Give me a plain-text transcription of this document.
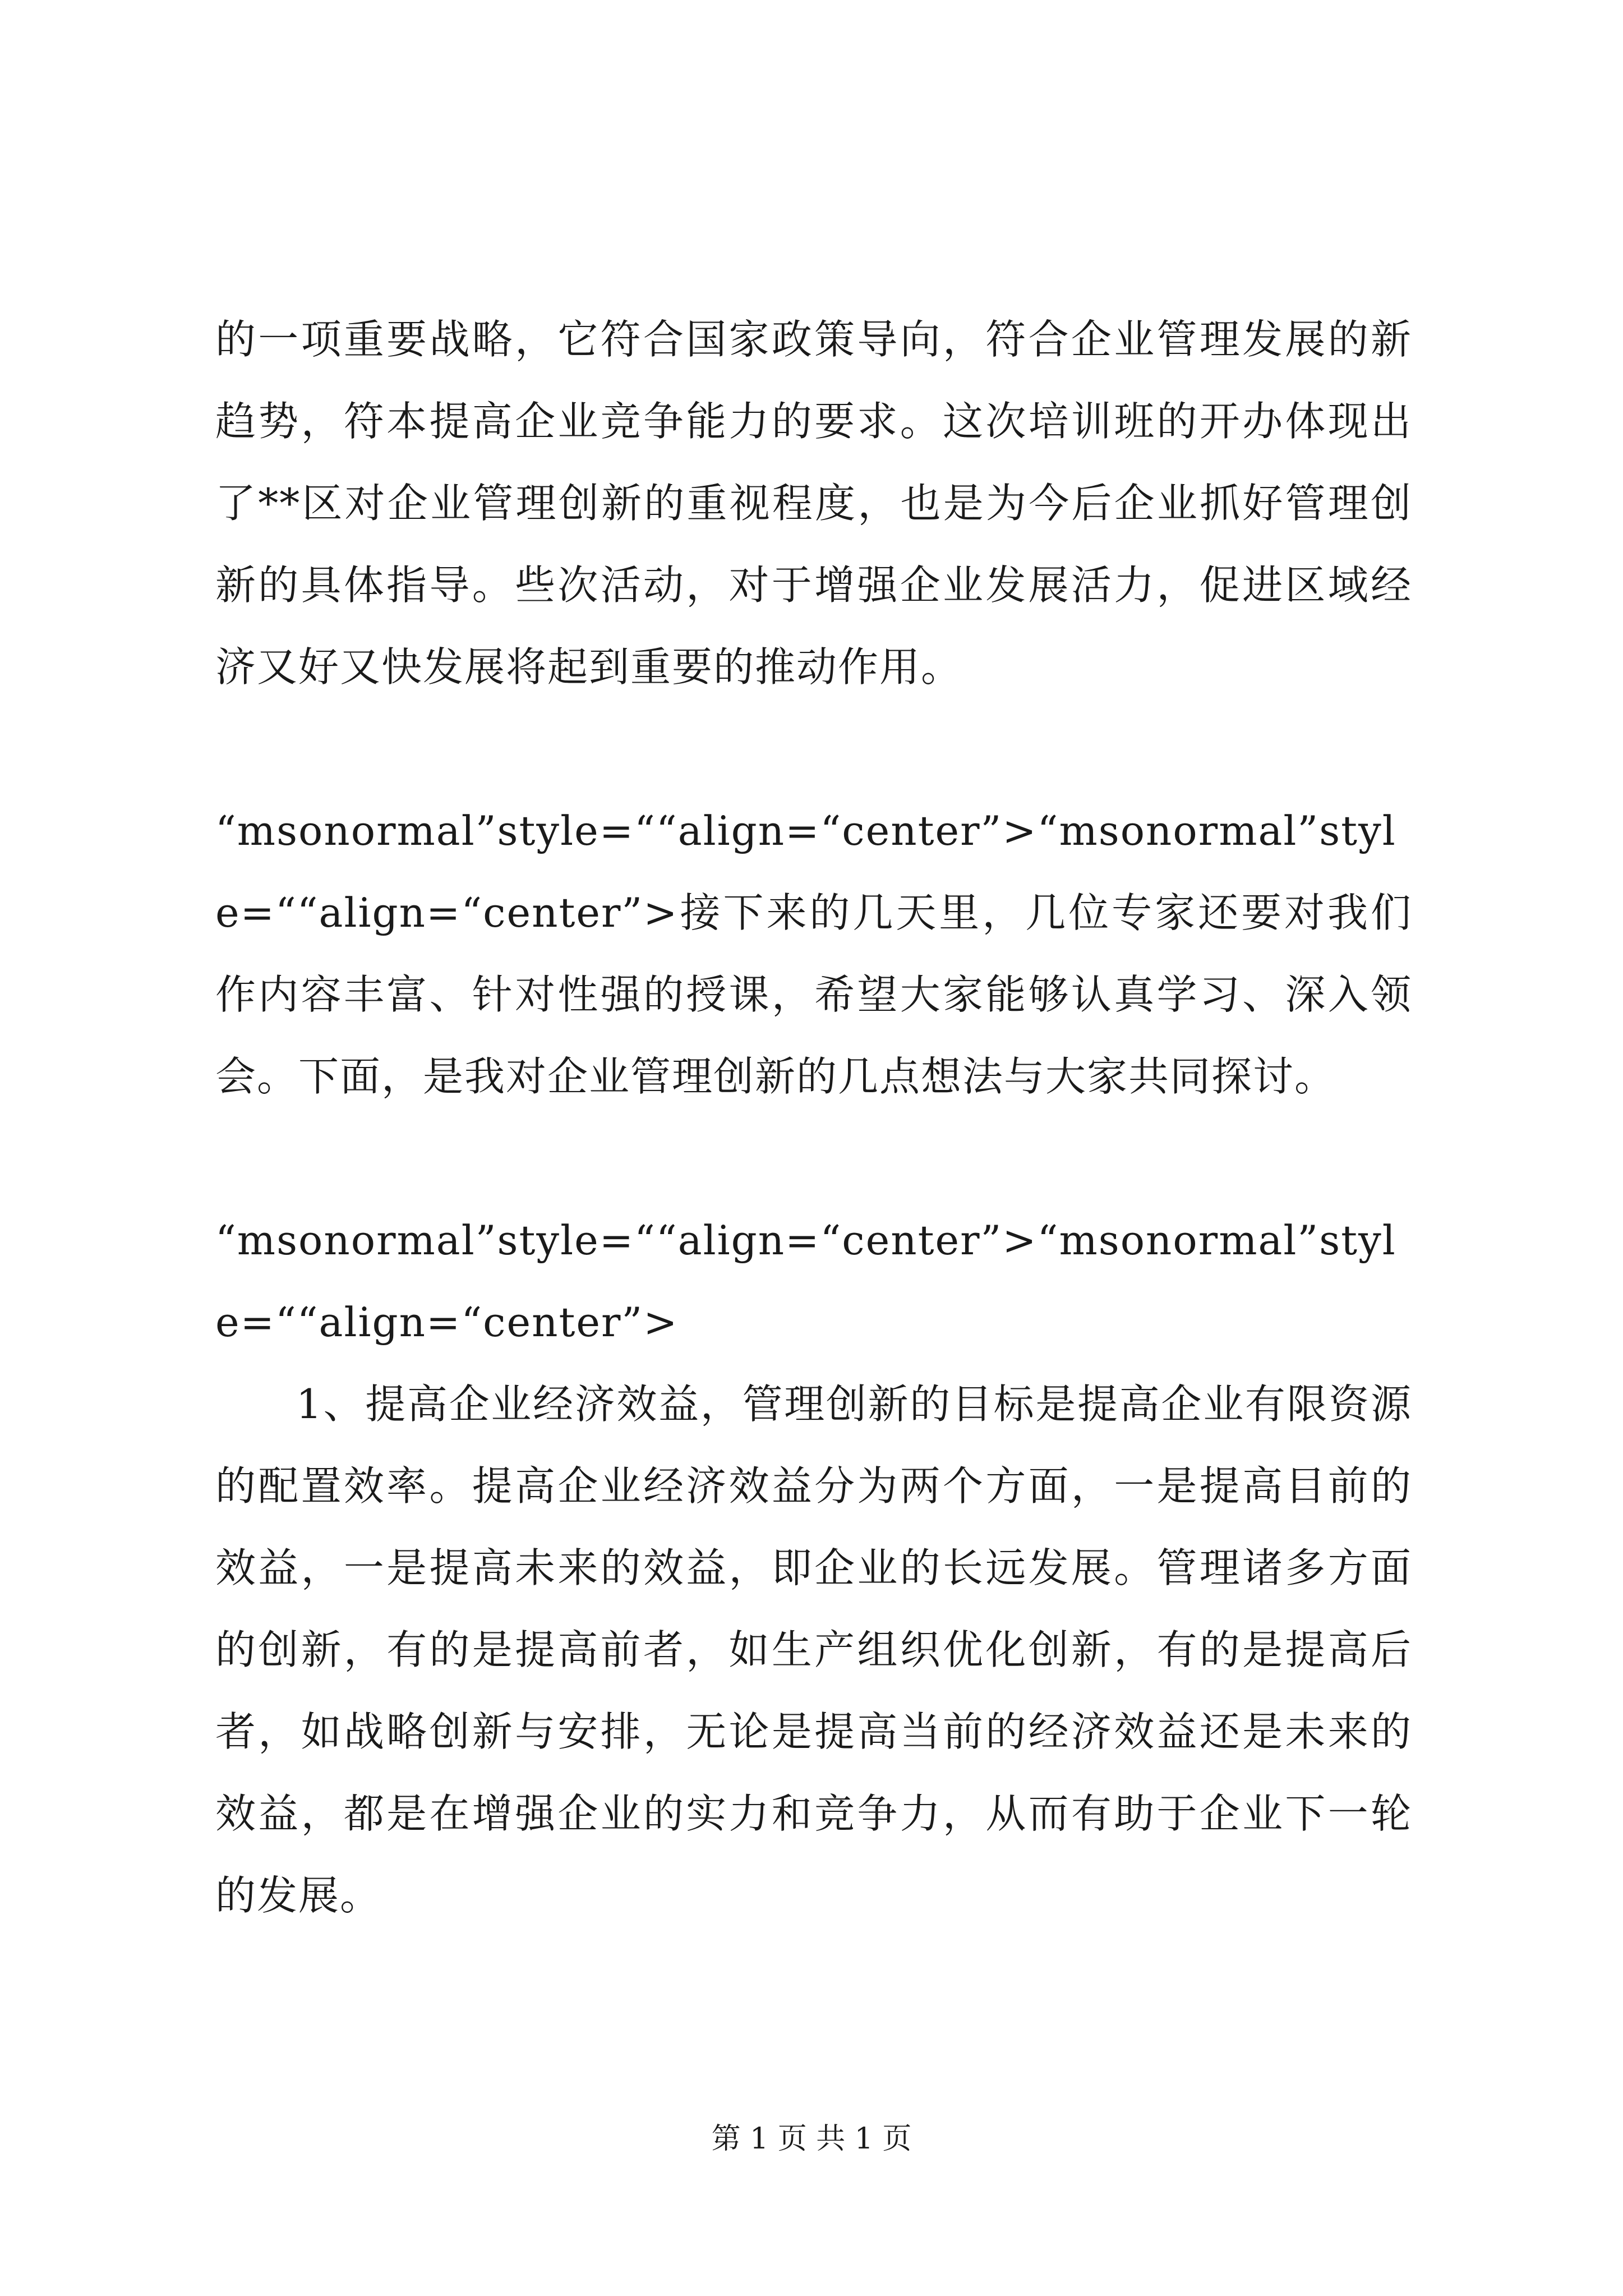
的一项重要战略，它符合国家政策导向，符合企业管理发展的新趋势，符本提高企业竞争能力的要求。这次培训班的开办体现出了**区对企业管理创新的重视程度，也是为今后企业抓好管理创新的具体指导。些次活动，对于增强企业发展活力，促进区域经济又好又快发展将起到重要的推动作用。

“msonormal”style=““align=“center”>“msonormal”style=““align=“center”>接下来的几天里，几位专家还要对我们作内容丰富、针对性强的授课，希望大家能够认真学习、深入领会。下面，是我对企业管理创新的几点想法与大家共同探讨。

“msonormal”style=““align=“center”>“msonormal”style=““align=“center”>
1、提高企业经济效益，管理创新的目标是提高企业有限资源的配置效率。提高企业经济效益分为两个方面，一是提高目前的效益，一是提高未来的效益，即企业的长远发展。管理诸多方面的创新，有的是提高前者，如生产组织优化创新，有的是提高后者，如战略创新与安排，无论是提高当前的经济效益还是未来的效益，都是在增强企业的实力和竞争力，从而有助于企业下一轮的发展。

第 1 页 共 1 页
